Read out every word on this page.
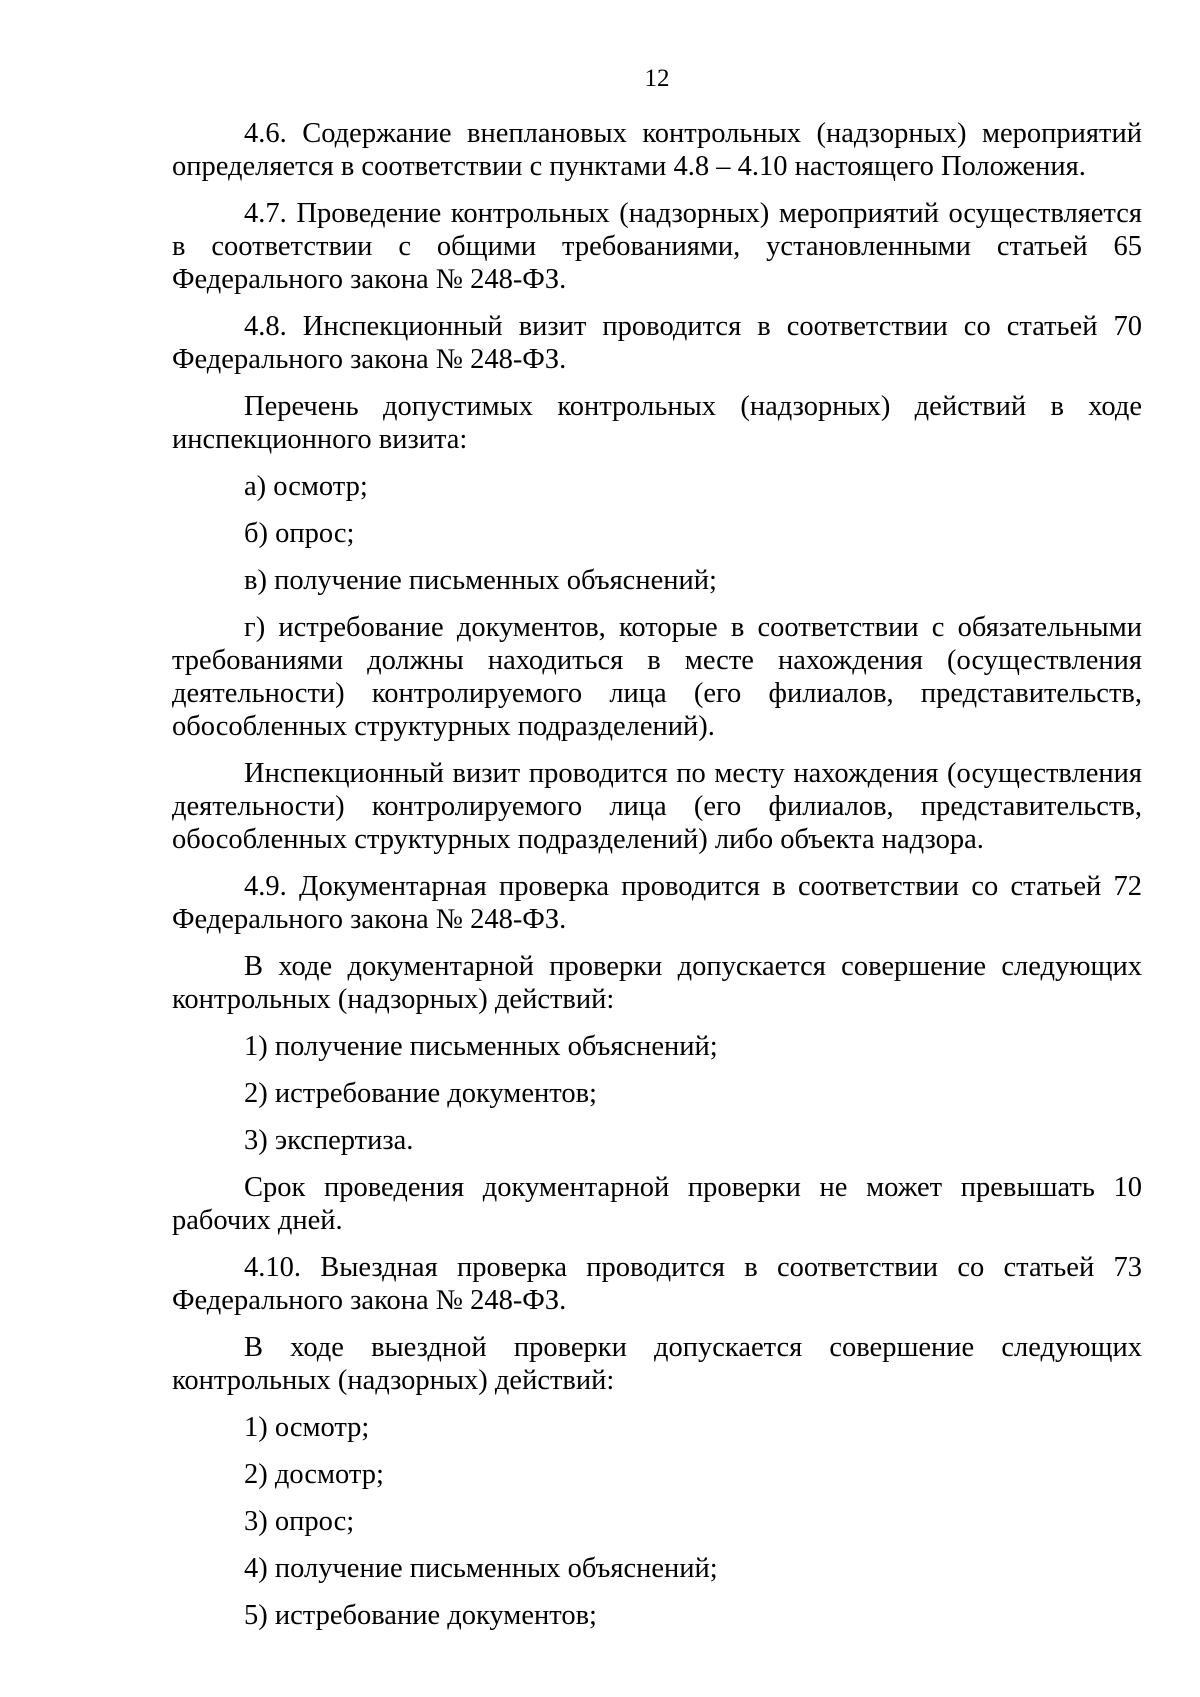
12

4.6. Содержание внеплановых контрольных (надзорных) мероприятий определяется в соответствии с пунктами 4.8 – 4.10 настоящего Положения.

4.7. Проведение контрольных (надзорных) мероприятий осуществляется в соответствии с общими требованиями, установленными статьей 65 Федерального закона № 248-ФЗ.

4.8. Инспекционный визит проводится в соответствии со статьей 70 Федерального закона № 248-ФЗ.

Перечень допустимых контрольных (надзорных) действий в ходе инспекционного визита:

а) осмотр;

б) опрос;

в) получение письменных объяснений;

г) истребование документов, которые в соответствии с обязательными требованиями должны находиться в месте нахождения (осуществления деятельности) контролируемого лица (его филиалов, представительств, обособленных структурных подразделений).

Инспекционный визит проводится по месту нахождения (осуществления деятельности) контролируемого лица (его филиалов, представительств, обособленных структурных подразделений) либо объекта надзора.

4.9. Документарная проверка проводится в соответствии со статьей 72 Федерального закона № 248-ФЗ.

В ходе документарной проверки допускается совершение следующих контрольных (надзорных) действий:

1) получение письменных объяснений;

2) истребование документов;

3) экспертиза.

Срок проведения документарной проверки не может превышать 10 рабочих дней.

4.10. Выездная проверка проводится в соответствии со статьей 73 Федерального закона № 248-ФЗ.

В ходе выездной проверки допускается совершение следующих контрольных (надзорных) действий:

1) осмотр;

2) досмотр;

3) опрос;

4) получение письменных объяснений;

5) истребование документов;
